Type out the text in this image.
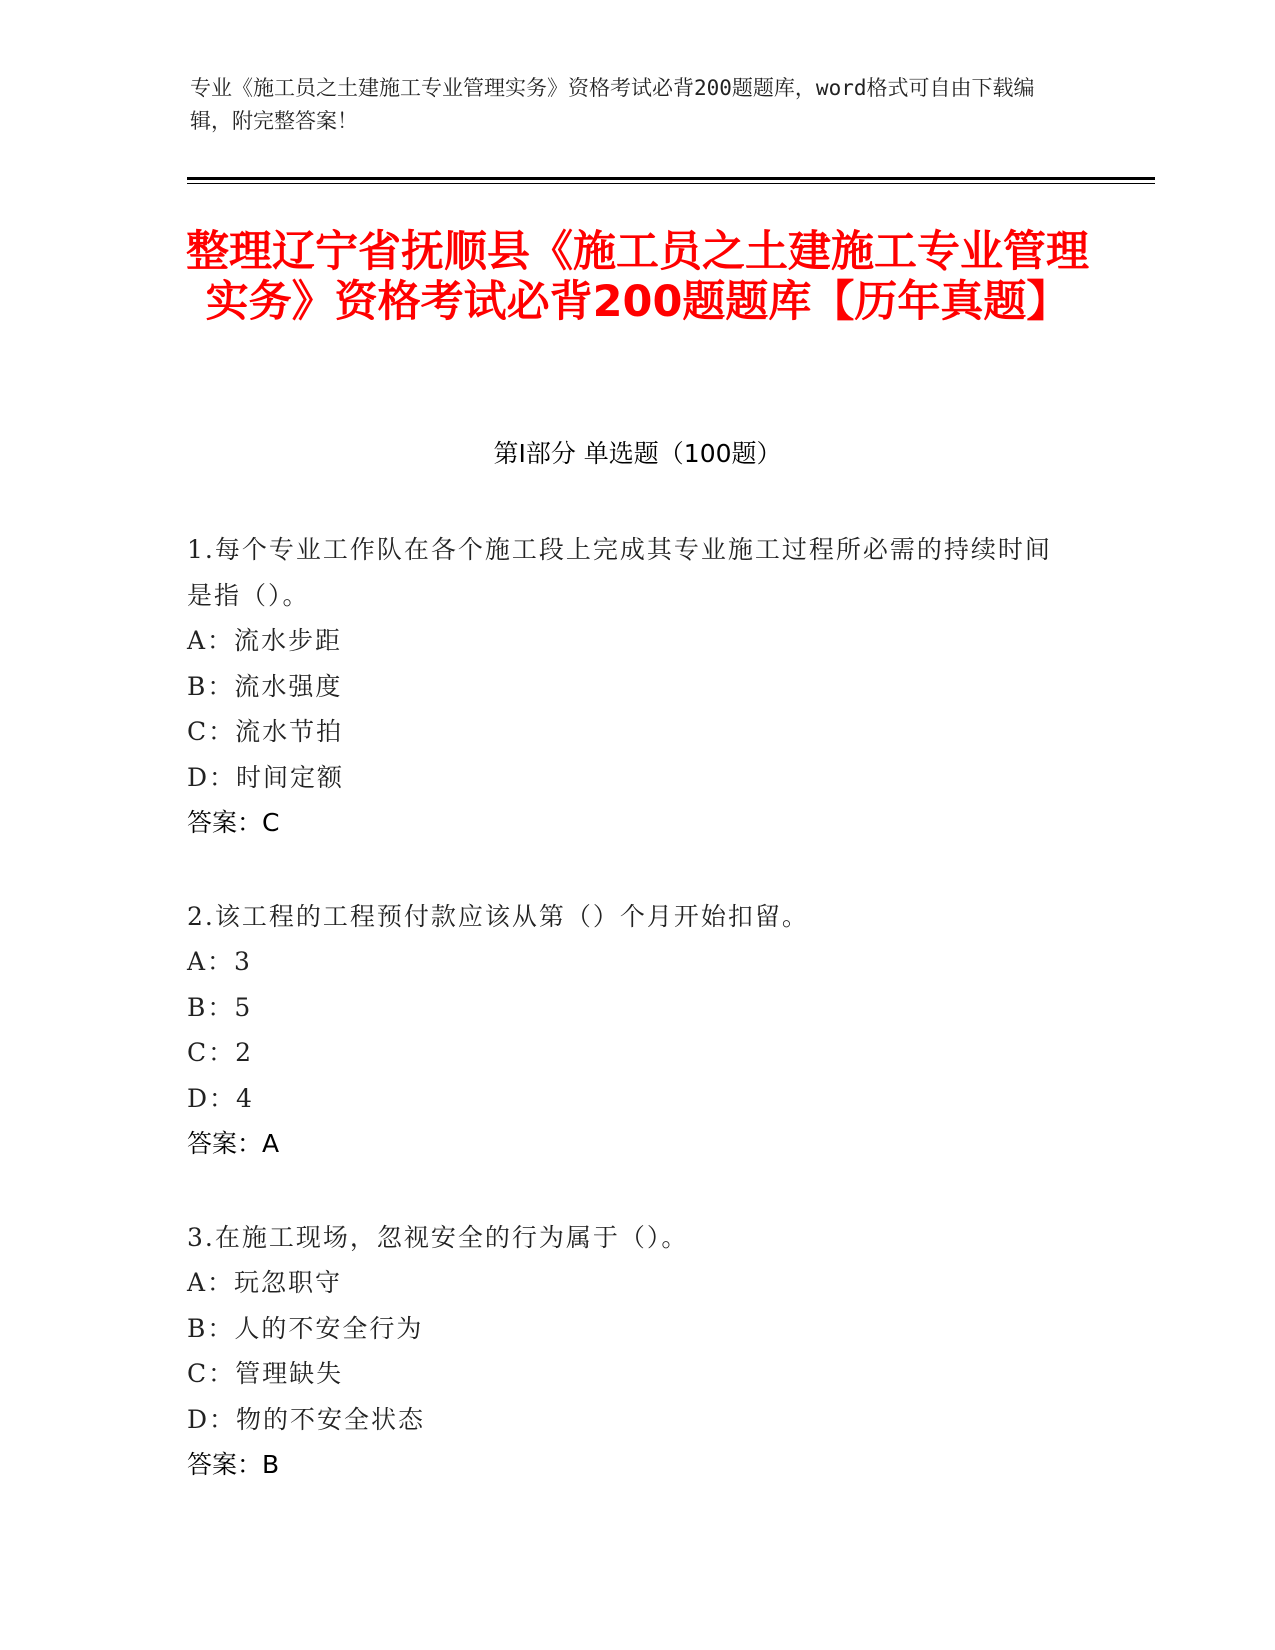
专业《施工员之土建施工专业管理实务》资格考试必背200题题库，word格式可自由下载编辑，附完整答案！
整理辽宁省抚顺县《施工员之土建施工专业管理实务》资格考试必背200题题库【历年真题】
第Ⅰ部分 单选题（100题）
1.每个专业工作队在各个施工段上完成其专业施工过程所必需的持续时间是指（）。
A：流水步距
B：流水强度
C：流水节拍
D：时间定额
答案：C
2.该工程的工程预付款应该从第（）个月开始扣留。
A：3
B：5
C：2
D：4
答案：A
3.在施工现场，忽视安全的行为属于（）。
A：玩忽职守
B：人的不安全行为
C：管理缺失
D：物的不安全状态
答案：B
